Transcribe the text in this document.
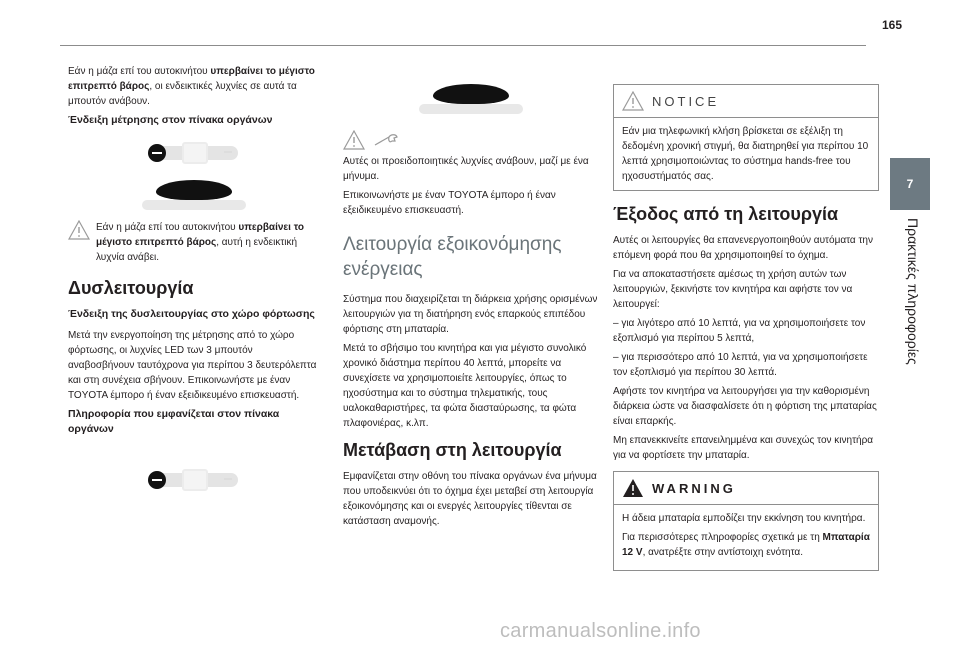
165
7
Πρακτικές πληροφορίες

Εάν η μάζα επί του αυτοκινήτου υπερβαίνει το μέγιστο επιτρεπτό βάρος, οι ενδεικτικές λυχνίες σε αυτά τα μπουτόν ανάβουν.

Ένδειξη μέτρησης στον πίνακα οργάνων

Εάν η μάζα επί του αυτοκινήτου υπερβαίνει το μέγιστο επιτρεπτό βάρος, αυτή η ενδεικτική λυχνία ανάβει.

Δυσλειτουργία
Ένδειξη της δυσλειτουργίας στο χώρο φόρτωσης

Μετά την ενεργοποίηση της μέτρησης από το χώρο φόρτωσης, οι λυχνίες LED των 3 μπουτόν αναβοσβήνουν ταυτόχρονα για περίπου 3 δευτερόλεπτα και στη συνέχεια σβήνουν. Επικοινωνήστε με έναν TOYOTA έμπορο ή έναν εξειδικευμένο επισκευαστή.

Πληροφορία που εμφανίζεται στον πίνακα οργάνων

Αυτές οι προειδοποιητικές λυχνίες ανάβουν, μαζί με ένα μήνυμα.

Επικοινωνήστε με έναν TOYOTA έμπορο ή έναν εξειδικευμένο επισκευαστή.

Λειτουργία εξοικονόμησης ενέργειας

Σύστημα που διαχειρίζεται τη διάρκεια χρήσης ορισμένων λειτουργιών για τη διατήρηση ενός επαρκούς επιπέδου φόρτισης στη μπαταρία.

Μετά το σβήσιμο του κινητήρα και για μέγιστο συνολικό χρονικό διάστημα περίπου 40 λεπτά, μπορείτε να συνεχίσετε να χρησιμοποιείτε λειτουργίες, όπως το ηχοσύστημα και το σύστημα τηλεματικής, τους υαλοκαθαριστήρες, τα φώτα διασταύρωσης, τα φώτα πλαφονιέρας, κ.λπ.

Μετάβαση στη λειτουργία

Εμφανίζεται στην οθόνη του πίνακα οργάνων ένα μήνυμα που υποδεικνύει ότι το όχημα έχει μεταβεί στη λειτουργία εξοικονόμησης και οι ενεργές λειτουργίες τίθενται σε κατάσταση αναμονής.

NOTICE
Εάν μια τηλεφωνική κλήση βρίσκεται σε εξέλιξη τη δεδομένη χρονική στιγμή, θα διατηρηθεί για περίπου 10 λεπτά χρησιμοποιώντας το σύστημα hands-free του ηχοσυστήματός σας.
Έξοδος από τη λειτουργία

Αυτές οι λειτουργίες θα επανενεργοποιηθούν αυτόματα την επόμενη φορά που θα χρησιμοποιηθεί το όχημα.

Για να αποκαταστήσετε αμέσως τη χρήση αυτών των λειτουργιών, ξεκινήστε τον κινητήρα και αφήστε τον να λειτουργεί:

– για λιγότερο από 10 λεπτά, για να χρησιμοποιήσετε τον εξοπλισμό για περίπου 5 λεπτά,

– για περισσότερο από 10 λεπτά, για να χρησιμοποιήσετε τον εξοπλισμό για περίπου 30 λεπτά.

Αφήστε τον κινητήρα να λειτουργήσει για την καθορισμένη διάρκεια ώστε να διασφαλίσετε ότι η φόρτιση της μπαταρίας είναι επαρκής.

Μη επανεκκινείτε επανειλημμένα και συνεχώς τον κινητήρα για να φορτίσετε την μπαταρία.

WARNING

Η άδεια μπαταρία εμποδίζει την εκκίνηση του κινητήρα.

Για περισσότερες πληροφορίες σχετικά με τη Μπαταρία 12 V, ανατρέξτε στην αντίστοιχη ενότητα.

carmanualsonline.info
